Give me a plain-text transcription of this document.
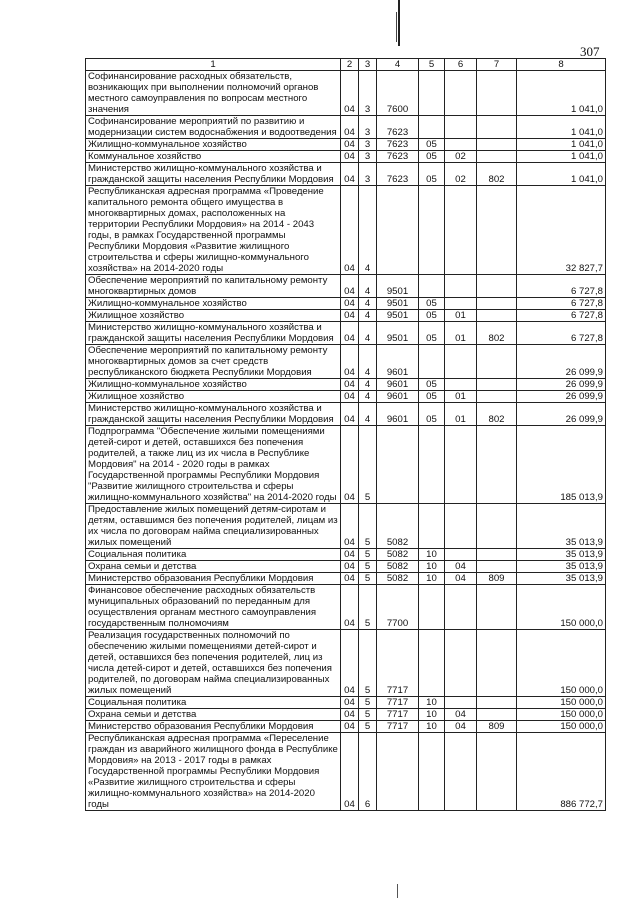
307
1	2	3	4	5	6	7	8
Софинансирование расходных обязательств, возникающих при выполнении полномочий органов местного самоуправления по вопросам местного значения	04	3	7600				1 041,0
Софинансирование мероприятий по развитию и модернизации систем водоснабжения и водоотведения	04	3	7623				1 041,0
Жилищно-коммунальное хозяйство	04	3	7623	05			1 041,0
Коммунальное хозяйство	04	3	7623	05	02		1 041,0
Министерство жилищно-коммунального хозяйства и гражданской защиты населения Республики Мордовия	04	3	7623	05	02	802	1 041,0
Республиканская адресная программа «Проведение капитального ремонта общего имущества в многоквартирных домах, расположенных на территории Республики Мордовия» на 2014 - 2043 годы, в рамках Государственной программы Республики Мордовия «Развитие жилищного строительства и сферы жилищно-коммунального хозяйства» на 2014-2020 годы	04	4					32 827,7
Обеспечение мероприятий по капитальному ремонту многоквартирных домов	04	4	9501				6 727,8
Жилищно-коммунальное хозяйство	04	4	9501	05			6 727,8
Жилищное хозяйство	04	4	9501	05	01		6 727,8
Министерство жилищно-коммунального хозяйства и гражданской защиты населения Республики Мордовия	04	4	9501	05	01	802	6 727,8
Обеспечение мероприятий по капитальному ремонту многоквартирных домов за счет средств республиканского бюджета Республики Мордовия	04	4	9601				26 099,9
Жилищно-коммунальное хозяйство	04	4	9601	05			26 099,9
Жилищное хозяйство	04	4	9601	05	01		26 099,9
Министерство жилищно-коммунального хозяйства и гражданской защиты населения Республики Мордовия	04	4	9601	05	01	802	26 099,9
Подпрограмма "Обеспечение жилыми помещениями детей-сирот и детей, оставшихся без попечения родителей, а также лиц из их числа в Республике Мордовия" на 2014 - 2020 годы в рамках Государственной программы Республики Мордовия "Развитие жилищного строительства и сферы жилищно-коммунального хозяйства" на 2014-2020 годы	04	5					185 013,9
Предоставление жилых помещений детям-сиротам и детям, оставшимся без попечения родителей, лицам из их числа по договорам найма специализированных жилых помещений	04	5	5082				35 013,9
Социальная политика	04	5	5082	10			35 013,9
Охрана семьи и детства	04	5	5082	10	04		35 013,9
Министерство образования Республики Мордовия	04	5	5082	10	04	809	35 013,9
Финансовое обеспечение расходных обязательств муниципальных образований по переданным для осуществления органам местного самоуправления государственным полномочиям	04	5	7700				150 000,0
Реализация государственных полномочий по обеспечению жилыми помещениями детей-сирот и детей, оставшихся без попечения родителей, лиц из числа детей-сирот и детей, оставшихся без попечения родителей, по договорам найма специализированных жилых помещений	04	5	7717				150 000,0
Социальная политика	04	5	7717	10			150 000,0
Охрана семьи и детства	04	5	7717	10	04		150 000,0
Министерство образования Республики Мордовия	04	5	7717	10	04	809	150 000,0
Республиканская адресная программа «Переселение граждан из аварийного жилищного фонда в Республике Мордовия» на 2013 - 2017 годы в рамках Государственной программы Республики Мордовия «Развитие жилищного строительства и сферы жилищно-коммунального хозяйства» на 2014-2020 годы	04	6					886 772,7
